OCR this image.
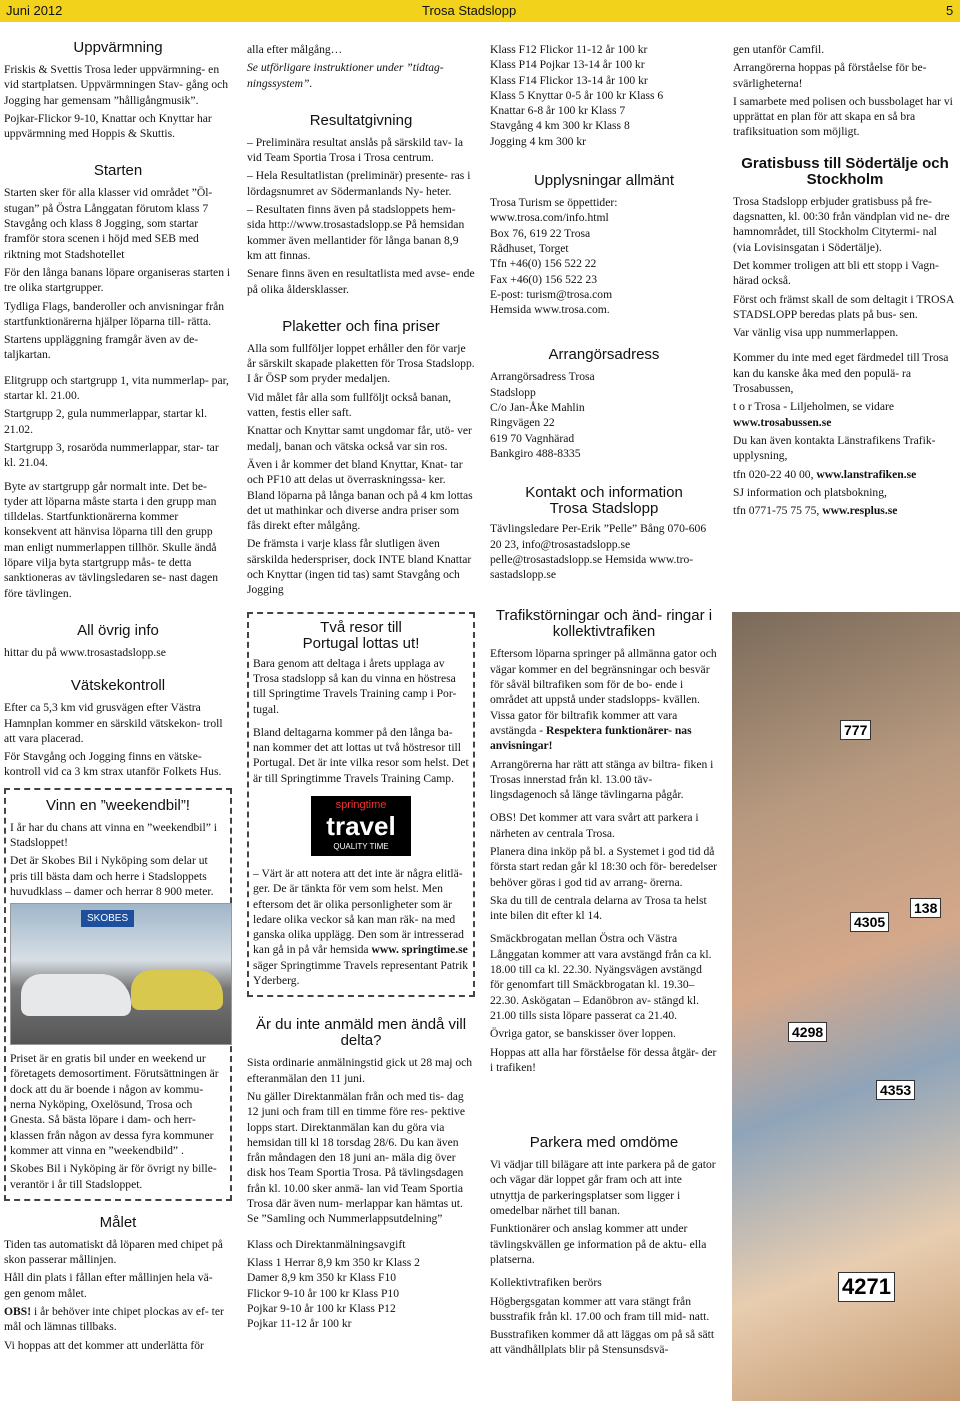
Juni 2012	Trosa Stadslopp	5
Uppvärmning

Friskis & Svettis Trosa leder uppvärmning- en vid startplatsen. Uppvärmningen Stav- gång och Jogging har gemensam ”hålligångmusik”.

Pojkar-Flickor 9-10, Knattar och Knyttar har uppvärmning med Hoppis & Skuttis.

Starten

Starten sker för alla klasser vid området ”Öl- stugan” på Östra Långgatan förutom klass 7 Stavgång och klass 8 Jogging, som startar framför stora scenen i höjd med SEB med riktning mot Stadshotellet

För den långa banans löpare organiseras starten i tre olika startgrupper.

Tydliga Flags, banderoller och anvisningar från startfunktionärerna hjälper löparna till- rätta.

Startens uppläggning framgår även av de- taljkartan.

Elitgrupp och startgrupp 1, vita nummerlap- par, startar kl. 21.00.

Startgrupp 2, gula nummerlappar, startar kl. 21.02.

Startgrupp 3, rosaröda nummerlappar, star- tar kl. 21.04.

Byte av startgrupp går normalt inte. Det be- tyder att löparna måste starta i den grupp man tilldelas. Startfunktionärerna kommer konsekvent att hänvisa löparna till den grupp man enligt nummerlappen tillhör. Skulle ändå löpare vilja byta startgrupp mås- te detta sanktioneras av tävlingsledaren se- nast dagen före tävlingen.

All övrig info

hittar du på www.trosastadslopp.se

Vätskekontroll

Efter ca 5,3 km vid grusvägen efter Västra Hamnplan kommer en särskild vätskekon- troll att vara placerad.

För Stavgång och Jogging finns en vätske- kontroll vid ca 3 km strax utanför Folkets Hus.

Vinn en ”weekendbil”!

I år har du chans att vinna en ”weekendbil” i Stadsloppet!

Det är Skobes Bil i Nyköping som delar ut pris till bästa dam och herre i Stadsloppets huvudklass – damer och herrar 8 900 meter.

SKOBES

Priset är en gratis bil under en weekend ur företagets demosortiment. Förutsättningen är dock att du är boende i någon av kommu- nerna Nyköping, Oxelösund, Trosa och Gnesta. Så bästa löpare i dam- och herr- klassen från någon av dessa fyra kommuner kommer att vinna en ”weekendbild” .

Skobes Bil i Nyköping är för övrigt ny bille- verantör i år till Stadsloppet.

Målet

Tiden tas automatiskt då löparen med chipet på skon passerar mållinjen.

Håll din plats i fållan efter mållinjen hela vä- gen genom målet.

OBS! i år behöver inte chipet plockas av ef- ter mål och lämnas tillbaks.

Vi hoppas att det kommer att underlätta för

alla efter målgång…

Se utförligare instruktioner under ”tidtag- ningssystem”.

Resultatgivning

– Preliminära resultat anslås på särskild tav- la vid Team Sportia Trosa i Trosa centrum.

– Hela Resultatlistan (preliminär) presente- ras i lördagsnumret av Södermanlands Ny- heter.

– Resultaten finns även på stadsloppets hem- sida http://www.trosastadslopp.se På hemsidan kommer även mellantider för långa banan 8,9 km att finnas.

Senare finns även en resultatlista med avse- ende på olika åldersklasser.

Plaketter och fina priser

Alla som fullföljer loppet erhåller den för varje år särskilt skapade plaketten för Trosa Stadslopp. I år ÖSP som pryder medaljen.

Vid målet får alla som fullföljt också banan, vatten, festis eller saft.

Knattar och Knyttar samt ungdomar får, utö- ver medalj, banan och vätska också var sin ros.

Även i år kommer det bland Knyttar, Knat- tar och PF10 att delas ut överraskningssa- ker. Bland löparna på långa banan och på 4 km lottas det ut mathinkar och diverse andra priser som fås direkt efter målgång.

De främsta i varje klass får slutligen även särskilda hederspriser, dock INTE bland Knattar och Knyttar (ingen tid tas) samt Stavgång och Jogging

Två resor till
Portugal lottas ut!

Bara genom att deltaga i årets upplaga av Trosa stadslopp så kan du vinna en höstresa till Springtime Travels Training camp i Por- tugal.

Bland deltagarna kommer på den långa ba- nan kommer det att lottas ut två höstresor till Portugal. Det är inte vilka resor som helst. Det är till Springtimme Travels Training Camp.

springtime
travel
QUALITY TIME

– Värt är att notera att det inte är några elitlä- ger. De är tänkta för vem som helst. Men eftersom det är olika personligheter som är ledare olika veckor så kan man räk- na med ganska olika upplägg. Den som är intresserad kan gå in på vår hemsida www. springtime.se säger Springtimme Travels representant Patrik Yderberg.

Är du inte anmäld men ändå vill delta?

Sista ordinarie anmälningstid gick ut 28 maj och efteranmälan den 11 juni.

Nu gäller Direktanmälan från och med tis- dag 12 juni och fram till en timme före res- pektive lopps start. Direktanmälan kan du göra via hemsidan till kl 18 torsdag 28/6. Du kan även från måndagen den 18 juni an- mäla dig över disk hos Team Sportia Trosa. På tävlingsdagen från kl. 10.00 sker anmä- lan vid Team Sportia Trosa där även num- merlappar kan hämtas ut. Se ”Samling och Nummerlappsutdelning”

Klass och Direktanmälningsavgift

Klass 1 Herrar 8,9 km 350 kr Klass 2
Damer 8,9 km 350 kr Klass F10
Flickor 9-10 år 100 kr Klass P10
Pojkar 9-10 år 100 kr Klass P12
Pojkar 11-12 år 100 kr
Klass F12 Flickor 11-12 år 100 kr
Klass P14 Pojkar 13-14 år 100 kr
Klass F14 Flickor 13-14 år 100 kr
Klass 5 Knyttar 0-5 år 100 kr Klass 6
Knattar 6-8 år 100 kr Klass 7
Stavgång 4 km 300 kr Klass 8
Jogging 4 km 300 kr
Upplysningar allmänt
Trosa Turism se öppettider:
www.trosa.com/info.html
Box 76, 619 22 Trosa
Rådhuset, Torget
Tfn +46(0) 156 522 22
Fax +46(0) 156 522 23
E-post: turism@trosa.com
Hemsida www.trosa.com.
Arrangörsadress
Arrangörsadress Trosa
Stadslopp
C/o Jan-Åke Mahlin
Ringvägen 22
619 70 Vagnhärad
Bankgiro 488-8335
Kontakt och information
Trosa Stadslopp

Tävlingsledare Per-Erik ”Pelle” Bång 070-606 20 23, info@trosastadslopp.se pelle@trosastadslopp.se Hemsida www.tro- sastadslopp.se

Trafikstörningar och änd- ringar i kollektivtrafiken

Eftersom löparna springer på allmänna gator och vägar kommer en del begränsningar och besvär för såväl biltrafiken som för de bo- ende i området att uppstå under stadslopps- kvällen. Vissa gator för biltrafik kommer att vara avstängda - Respektera funktionärer- nas anvisningar!

Arrangörerna har rätt att stänga av biltra- fiken i Trosas innerstad från kl. 13.00 täv- lingsdagenoch så länge tävlingarna pågår.

OBS! Det kommer att vara svårt att parkera i närheten av centrala Trosa.

Planera dina inköp på bl. a Systemet i god tid då första start redan går kl 18:30 och för- beredelser behöver göras i god tid av arrang- örerna.

Ska du till de centrala delarna av Trosa ta helst inte bilen dit efter kl 14.

Smäckbrogatan mellan Östra och Västra Långgatan kommer att vara avstängd från ca kl. 18.00 till ca kl. 22.30. Nyängsvägen avstängd för genomfart till Smäckbrogatan kl. 19.30–22.30. Askögatan – Edanöbron av- stängd kl. 21.00 tills sista löpare passerat ca 21.40.

Övriga gator, se banskisser över loppen.

Hoppas att alla har förståelse för dessa åtgär- der i trafiken!

Parkera med omdöme

Vi vädjar till bilägare att inte parkera på de gator och vägar där loppet går fram och att inte utnyttja de parkeringsplatser som ligger i omedelbar närhet till banan.

Funktionärer och anslag kommer att under tävlingskvällen ge information på de aktu- ella platserna.

Kollektivtrafiken berörs

Högbergsgatan kommer att vara stängt från busstrafik från kl. 17.00 och fram till mid- natt.

Busstrafiken kommer då att läggas om på så sätt att vändhållplats blir på Stensunsdsvä-

gen utanför Camfil.

Arrangörerna hoppas på förståelse för be- svärligheterna!

I samarbete med polisen och bussbolaget har vi upprättat en plan för att skapa en så bra trafiksituation som möjligt.

Gratisbuss till Södertälje och Stockholm

Trosa Stadslopp erbjuder gratisbuss på fre- dagsnatten, kl. 00:30 från vändplan vid ne- dre hamnområdet, till Stockholm Citytermi- nal (via Lovisinsgatan i Södertälje).

Det kommer troligen att bli ett stopp i Vagn- härad också.

Först och främst skall de som deltagit i TROSA STADSLOPP beredas plats på bus- sen.

Var vänlig visa upp nummerlappen.

Kommer du inte med eget färdmedel till Trosa kan du kanske åka med den populä- ra Trosabussen,

t o r Trosa - Liljeholmen, se vidare www.trosabussen.se

Du kan även kontakta Länstrafikens Trafik- upplysning,

tfn 020-22 40 00, www.lanstrafiken.se

SJ information och platsbokning,

tfn 0771-75 75 75, www.resplus.se

777
4305
138
4298
4271
4353
